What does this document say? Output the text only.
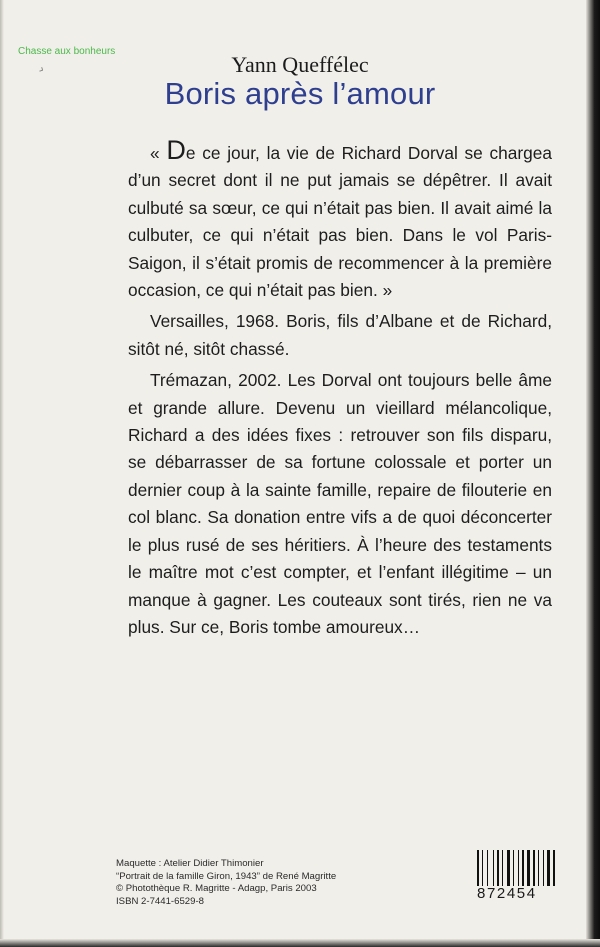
Chasse aux bonheurs
›	Yann Queffélec
Boris après l’amour

« De ce jour, la vie de Richard Dorval se chargea d’un secret dont il ne put jamais se dépêtrer. Il avait culbuté sa sœur, ce qui n’était pas bien. Il avait aimé la culbuter, ce qui n’était pas bien. Dans le vol Paris-Saigon, il s’était promis de recommencer à la première occasion, ce qui n’était pas bien. »

Versailles, 1968. Boris, fils d’Albane et de Richard, sitôt né, sitôt chassé.

Trémazan, 2002. Les Dorval ont toujours belle âme et grande allure. Devenu un vieillard mélancolique, Richard a des idées fixes : retrouver son fils disparu, se débarrasser de sa fortune colossale et porter un dernier coup à la sainte famille, repaire de filouterie en col blanc. Sa donation entre vifs a de quoi déconcerter le plus rusé de ses héritiers. À l’heure des testaments le maître mot c’est compter, et l’enfant illégitime – un manque à gagner. Les couteaux sont tirés, rien ne va plus. Sur ce, Boris tombe amoureux…

Maquette : Atelier Didier Thimonier
“Portrait de la famille Giron, 1943” de René Magritte
© Photothèque R. Magritte - Adagp, Paris 2003
ISBN 2-7441-6529-8	872454
